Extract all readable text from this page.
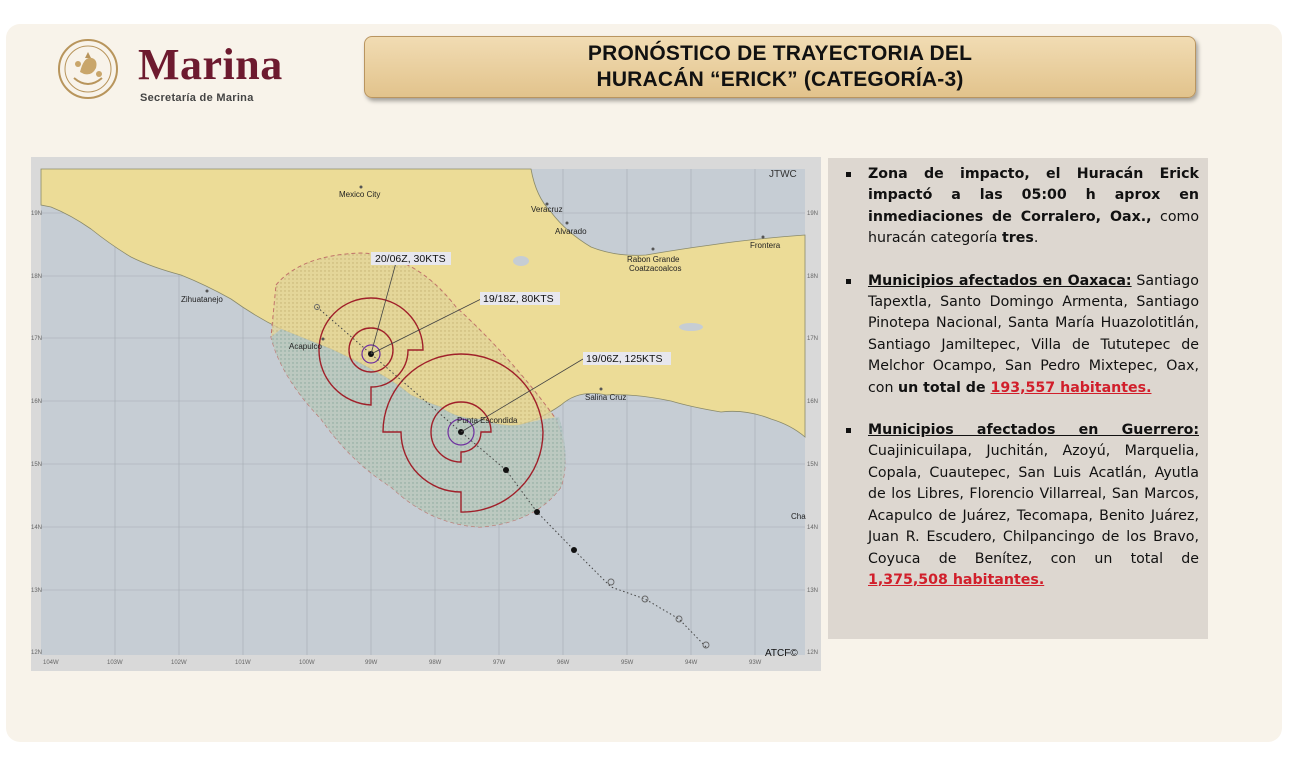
Marina
Secretaría de Marina
PRONÓSTICO DE TRAYECTORIA DEL
HURACÁN “ERICK” (CATEGORÍA-3)
20/06Z, 30KTS
19/18Z, 80KTS
19/06Z, 125KTS
Mexico City
Veracruz
Alvarado
Frontera
Rabon Grande
Coatzacoalcos
Zihuatanejo
Acapulco
Salina Cruz
Punta Escondida
Cha
JTWC
ATCF©
19N
18N
17N
16N
15N
14N
13N
12N
104W	103W	102W	101W	100W	99W	98W	97W	96W	95W	94W	93W
19N
18N
17N
16N
15N
14N
13N
12N
Zona de impacto, el Huracán Erick impactó a las 05:00 h aprox en inmediaciones de Corralero, Oax., como huracán categoría tres.
Municipios afectados en Oaxaca: Santiago Tapextla, Santo Domingo Armenta, Santiago Pinotepa Nacional, Santa María Huazolotitlán, Santiago Jamiltepec, Villa de Tututepec de Melchor Ocampo, San Pedro Mixtepec, Oax, con un total de 193,557 habitantes.
Municipios afectados en Guerrero: Cuajinicuilapa, Juchitán, Azoyú, Marquelia, Copala, Cuautepec, San Luis Acatlán, Ayutla de los Libres, Florencio Villarreal, San Marcos, Acapulco de Juárez, Tecomapa, Benito Juárez, Juan R. Escudero, Chilpancingo de los Bravo, Coyuca de Benítez, con un total de 1,375,508 habitantes.
